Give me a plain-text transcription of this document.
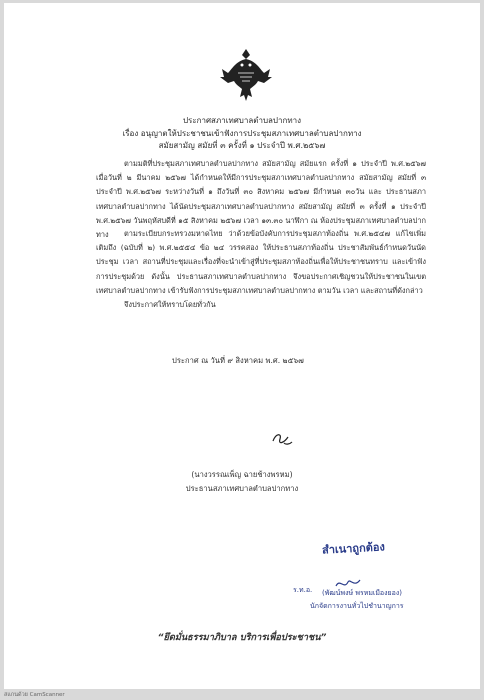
ประกาศสภาเทศบาลตำบลปากทาง
เรื่อง อนุญาตให้ประชาชนเข้าฟังการประชุมสภาเทศบาลตำบลปากทาง
สมัยสามัญ สมัยที่ ๓ ครั้งที่ ๑ ประจำปี พ.ศ.๒๕๖๗
ตามมติที่ประชุมสภาเทศบาลตำบลปากทาง สมัยสามัญ สมัยแรก ครั้งที่ ๑ ประจำปี พ.ศ.๒๕๖๗ เมื่อวันที่ ๒ มีนาคม ๒๕๖๗ ได้กำหนดให้มีการประชุมสภาเทศบาลตำบลปากทาง สมัยสามัญ สมัยที่ ๓ ประจำปี พ.ศ.๒๕๖๗ ระหว่างวันที่ ๑ ถึงวันที่ ๓๐ สิงหาคม ๒๕๖๗ มีกำหนด ๓๐วัน และ ประธานสภาเทศบาลตำบลปากทาง ได้นัดประชุมสภาเทศบาลตำบลปากทาง สมัยสามัญ สมัยที่ ๓ ครั้งที่ ๑ ประจำปี พ.ศ.๒๕๖๗ วันพฤหัสบดีที่ ๑๕ สิงหาคม ๒๕๖๗ เวลา ๑๓.๓๐ นาฬิกา ณ ห้องประชุมสภาเทศบาลตำบลปากทาง	ตามระเบียบกระทรวงมหาดไทย ว่าด้วยข้อบังคับการประชุมสภาท้องถิ่น พ.ศ.๒๕๔๗ แก้ไขเพิ่มเติมถึง (ฉบับที่ ๒) พ.ศ.๒๕๕๔ ข้อ ๒๔ วรรคสอง ให้ประธานสภาท้องถิ่น ประชาสัมพันธ์กำหนดวันนัดประชุม เวลา สถานที่ประชุมและเรื่องที่จะนำเข้าสู่ที่ประชุมสภาท้องถิ่นเพื่อให้ประชาชนทราบ และเข้าฟังการประชุมด้วย ดังนั้น ประธานสภาเทศบาลตำบลปากทาง จึงขอประกาศเชิญชวนให้ประชาชนในเขตเทศบาลตำบลปากทาง เข้ารับฟังการประชุมสภาเทศบาลตำบลปากทาง ตามวัน เวลา และสถานที่ดังกล่าว
จึงประกาศให้ทราบโดยทั่วกัน
ประกาศ ณ วันที่ ๙ สิงหาคม พ.ศ. ๒๕๖๗
(นางวรรณเพ็ญ ฉายช้างพรหม)
ประธานสภาเทศบาลตำบลปากทาง
สำเนาถูกต้อง
ร.ท.อ. (พัฒน์พงษ์ พรหมเมืองยอง)
นักจัดการงานทั่วไปชำนาญการ
“ยึดมั่นธรรมาภิบาล บริการเพื่อประชาชน”
สแกนด้วย CamScanner
